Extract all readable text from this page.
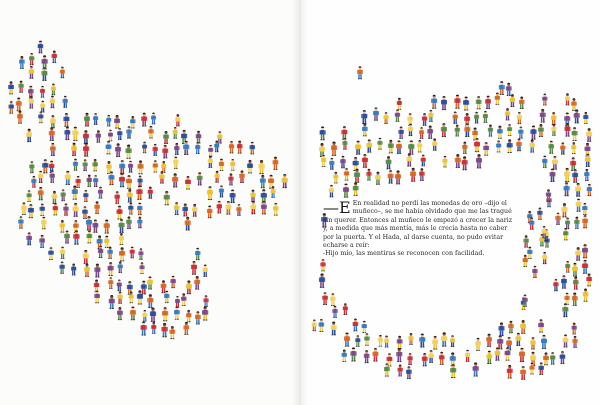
—E En realidad no perdí las monedas de oro –dijo el muñeco–, se me había olvidado que me las tragué sin querer. Entonces al muñeco le empezó a crecer la nariz y, a medida que más mentía, más le crecía hasta no caber por la puerta. Y el Hada, al darse cuenta, no pudo evitar echarse a reír:

-Hijo mío, las mentiras se reconocen con facilidad.
